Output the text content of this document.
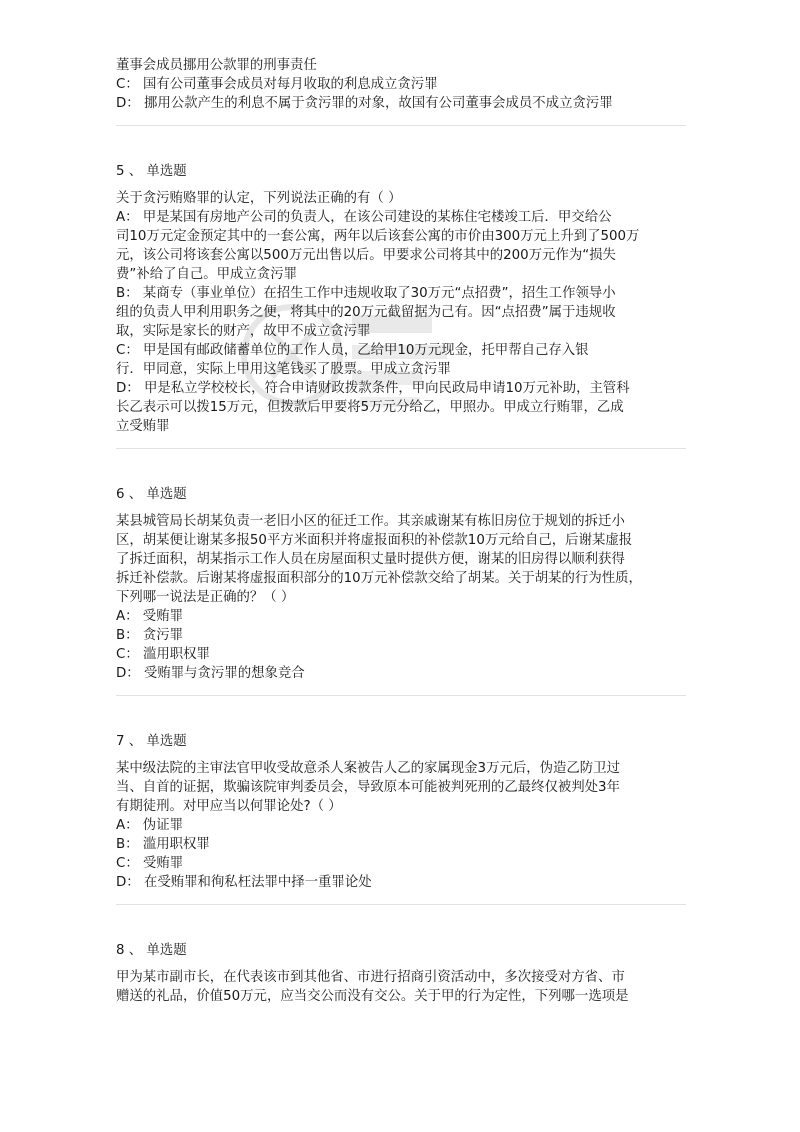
董事会成员挪用公款罪的刑事责任
C： 国有公司董事会成员对每月收取的利息成立贪污罪
D： 挪用公款产生的利息不属于贪污罪的对象，故国有公司董事会成员不成立贪污罪
5 、 单选题
关于贪污贿赂罪的认定，下列说法正确的有（ ）
A： 甲是某国有房地产公司的负责人，在该公司建设的某栋住宅楼竣工后．甲交给公
司10万元定金预定其中的一套公寓，两年以后该套公寓的市价由300万元上升到了500万
元，该公司将该套公寓以500万元出售以后。甲要求公司将其中的200万元作为“损失
费”补给了自己。甲成立贪污罪
B： 某商专（事业单位）在招生工作中违规收取了30万元“点招费”，招生工作领导小
组的负责人甲利用职务之便，将其中的20万元截留据为己有。因“点招费”属于违规收
取，实际是家长的财产，故甲不成立贪污罪
C： 甲是国有邮政储蓄单位的工作人员，乙给甲10万元现金，托甲帮自己存入银
行．甲同意，实际上甲用这笔钱买了股票。甲成立贪污罪
D： 甲是私立学校校长，符合申请财政拨款条件，甲向民政局申请10万元补助，主管科
长乙表示可以拨15万元，但拨款后甲要将5万元分给乙，甲照办。甲成立行贿罪，乙成
立受贿罪
6 、 单选题
某县城管局长胡某负责一老旧小区的征迁工作。其亲戚谢某有栋旧房位于规划的拆迁小
区，胡某便让谢某多报50平方米面积并将虚报面积的补偿款10万元给自己，后谢某虚报
了拆迁面积，胡某指示工作人员在房屋面积丈量时提供方便，谢某的旧房得以顺利获得
拆迁补偿款。后谢某将虚报面积部分的10万元补偿款交给了胡某。关于胡某的行为性质，
下列哪一说法是正确的？（ ）
A： 受贿罪
B： 贪污罪
C： 滥用职权罪
D： 受贿罪与贪污罪的想象竞合
7 、 单选题
某中级法院的主审法官甲收受故意杀人案被告人乙的家属现金3万元后，伪造乙防卫过
当、自首的证据，欺骗该院审判委员会，导致原本可能被判死刑的乙最终仅被判处3年
有期徒刑。对甲应当以何罪论处?（ ）
A： 伪证罪
B： 滥用职权罪
C： 受贿罪
D： 在受贿罪和徇私枉法罪中择一重罪论处
8 、 单选题
甲为某市副市长，在代表该市到其他省、市进行招商引资活动中，多次接受对方省、市
赠送的礼品，价值50万元，应当交公而没有交公。关于甲的行为定性，下列哪一选项是
